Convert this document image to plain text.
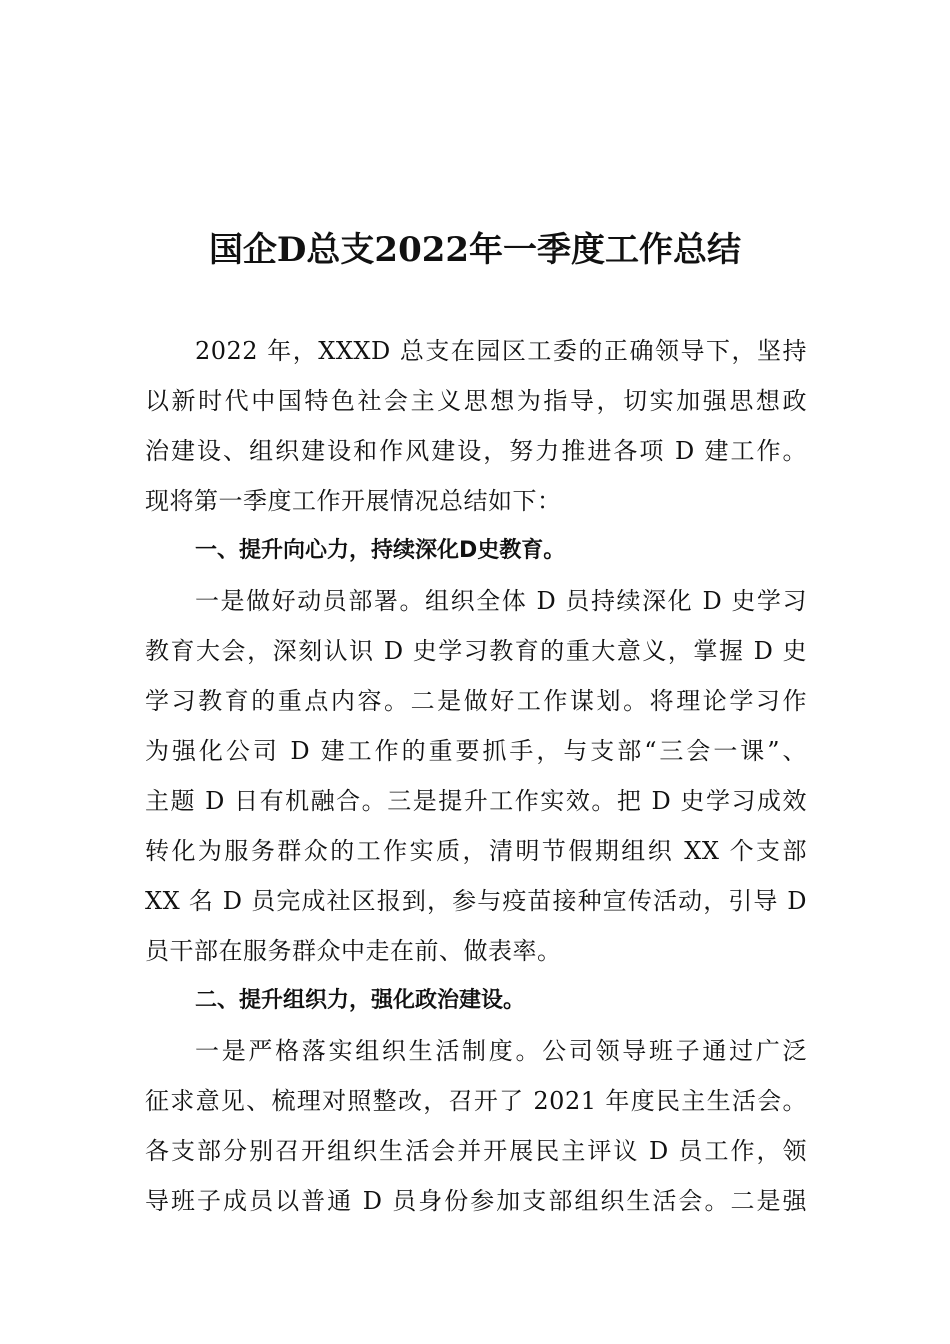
国企D总支2022年一季度工作总结
2022 年，XXXD 总支在园区工委的正确领导下，坚持
以新时代中国特色社会主义思想为指导，切实加强思想政
治建设、组织建设和作风建设，努力推进各项 D 建工作。
现将第一季度工作开展情况总结如下：
一、提升向心力，持续深化D史教育。
一是做好动员部署。组织全体 D 员持续深化 D 史学习
教育大会，深刻认识 D 史学习教育的重大意义，掌握 D 史
学习教育的重点内容。二是做好工作谋划。将理论学习作
为强化公司 D 建工作的重要抓手，与支部“三会一课”、
主题 D 日有机融合。三是提升工作实效。把 D 史学习成效
转化为服务群众的工作实质，清明节假期组织 XX 个支部
XX 名 D 员完成社区报到，参与疫苗接种宣传活动，引导 D
员干部在服务群众中走在前、做表率。
二、提升组织力，强化政治建设。
一是严格落实组织生活制度。公司领导班子通过广泛
征求意见、梳理对照整改，召开了 2021 年度民主生活会。
各支部分别召开组织生活会并开展民主评议 D 员工作，领
导班子成员以普通 D 员身份参加支部组织生活会。二是强
